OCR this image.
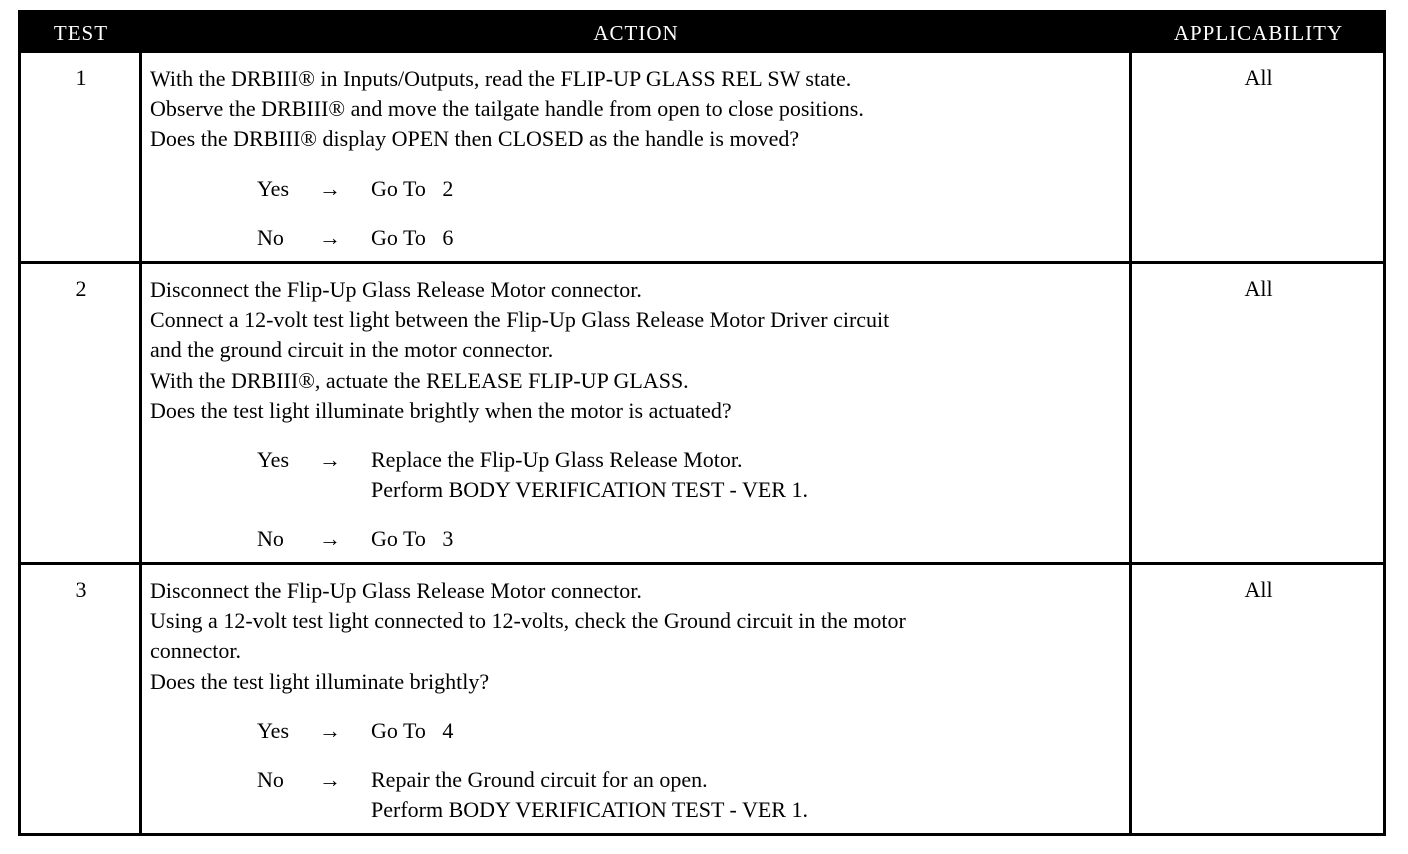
TEST	ACTION	APPLICABILITY
1	With the DRBIII® in Inputs/Outputs, read the FLIP-UP GLASS REL SW state.

Observe the DRBIII® and move the tailgate handle from open to close positions.

Does the DRBIII® display OPEN then CLOSED as the handle is moved?

Yes	→	Go To   2

No	→	Go To   6

All
2	Disconnect the Flip-Up Glass Release Motor connector.

Connect a 12-volt test light between the Flip-Up Glass Release Motor Driver circuit

and the ground circuit in the motor connector.

With the DRBIII®, actuate the RELEASE FLIP-UP GLASS.

Does the test light illuminate brightly when the motor is actuated?

Yes	→	Replace the Flip-Up Glass Release Motor.

Perform BODY VERIFICATION TEST - VER 1.

No	→	Go To   3

All
3	Disconnect the Flip-Up Glass Release Motor connector.

Using a 12-volt test light connected to 12-volts, check the Ground circuit in the motor

connector.

Does the test light illuminate brightly?

Yes	→	Go To   4

No	→	Repair the Ground circuit for an open.

Perform BODY VERIFICATION TEST - VER 1.

All
